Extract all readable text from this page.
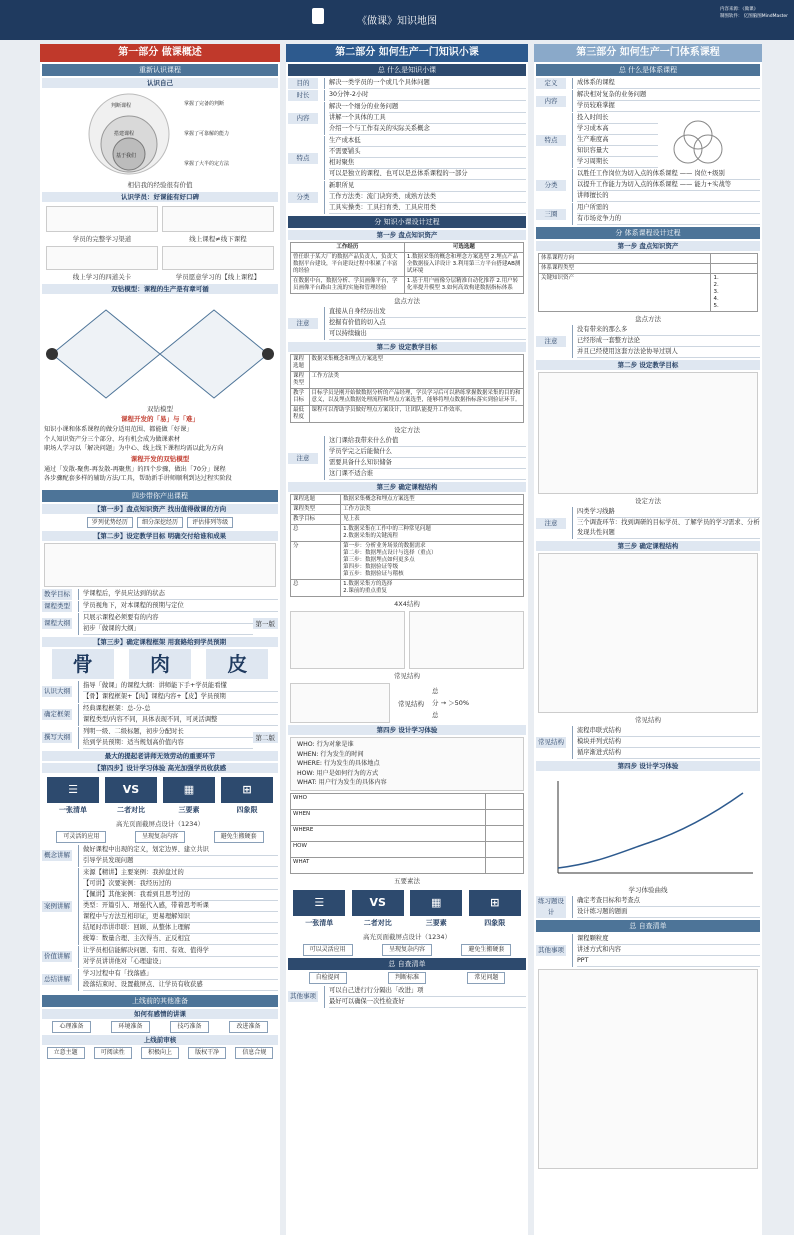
《做课》知识地图
内容来源：《做课》
制图软件： 亿图脑图MindMaster
第一部分 做课概述
重新认识课程
认识自己
判断课程
搭建课程
基于我们
掌握了完备的判断
掌握了可靠解的能力
掌握了大半的定方法
相信我的经验很有价值
认识学员：好课能有好口碑
学员的完整学习渠道	线上课程≠线下课程
线上学习的四道关卡	学员愿意学习的【线上课程】
双钻模型：课程的生产是有章可循
双钻模型
课程开发的「易」与「难」
知识小课和体系课程的做分适用范围、都能做「好课」
个人知识资产分三个部分、均有机会成为做课素材
职场人学习以「解决问题」为中心、线上线下课程均需以此为方向
课程开发的双钻模型
通过「发散-聚焦-再发散-再聚焦」的四个步骤，做出「70分」课程
各步骤配套多样的辅助方法/工具，帮助新手讲师顺利到达过程实阶段
四步带你产出课程
【第一步】盘点知识资产 找出值得做课的方向
罗列优势经历 细分深挖经历 评估排列等级
【第二步】设定教学目标 明确交付给谁和成果
教学目标	学课程后，学员应达到的状态
课程类型	学员视角下，对本课程的预期与定位
课程大纲
只展示课程必须要有的内容
初步「做课的大纲」	第一版
【第三步】确定课程框架 用套路给到学员预期
骨	肉	皮
认识大纲
指导「做课」的课程大纲：讲师能下手+学员能看懂
【骨】课程框架+【肉】课程内容+【皮】学员预期
确定框架
经典课程框架：总-分-总
课程类型/内容不同，具体表现不同，可灵活调整
撰写大纲
列明一级、二级标题，初步分配时长
给到学员预期：适当规划高价值内容	第二版
最大的提起老讲师无效劳动的重要环节
【第四步】设计学习体验 高光加强学员收获感
☰
一张清单
VS
二者对比
▦
三要素
⊞
四象限
高光页面截屏点设计（1234）
可灵活的应用	呈现复杂内容	避免生搬硬套
概念讲解
做好课程中出现的定义，划定边界、建立共识
引导学员发现问题
案例讲解
来源【精讲】主要案例：我掉盘过的
【可讲】次要案例：我经历过的
【佩讲】其他案例：我看到且思考过的
类型：开篇引入、增强代入感，带着思考听课
课程中与方法互相印证，更易理解知识
结尾时串讲串联：回顾、从整体上理解
统筹：数量合理、主次得当、正反相宜
价值讲解
让学员相信能解决问题、有用、有效、值得学
对学员讲讲他对「心理建设」
总结讲解
学习过程中有「找落感」
段落结束时、设置截屏点、让学员有收获感
上线前的其他准备
如何有感情的讲课
心理准备	环境准备	技巧准备	改进准备
上线前审核
立意主题	可阅读性	积极向上	版权干净	信息合规
第二部分 如何生产一门知识小课
总 什么是知识小课
目的	解决一类学员的一个或几个具体问题
时长	30分钟-2小时
内容
解决一个细分的业务问题
讲解一个具体的工具
介绍一个与工作有关的实际关系概念
特点
生产成本低
不需要铺头
相对聚焦
可以是独立的课程、也可以是总体系课程的一部分
分类
新职所见
工作方法类：流门诀窍类、成熟方法类
工具实操类：工具扫育类、工具应用类
分 知识小课设计过程
第一步 盘点知识资产
工作经历	可选选题
曾任职于某大厂的数据产品负责人，负责大数据平台建设，平台建设过程中积累了丰富的经验	1.数据采集的概念和理念方案选型 2.埋点产品全数据接入详设计 3.利用第三方平台搭建AB测试环境
在数据中台，数据分析、学员画像平台，学员画像平台路由主流的实施和管理经验	1.基于用户画像分层精准自动化推荐 2.用户转化率提升模型 3.如何高效构建数据指标体系
盘点方法
注意
直接从自身经历出发
挖掘有价值的切入点
可以持续输出
第二步 设定教学目标
课程选题	数据采集概念和埋点方案选型
课程类型	工作方法类
教学目标	目标学员是刚开始做数据分析的产品经理，学员学习后可以熟练掌握数据采集的目的和意义，以及埋点数据处理流程和埋点方案选型，能够将埋点数据指标落实到验证环节。
最低程度	课程可以帮助学员做好埋点方案设计，让团队能提升工作效率。
设定方法
注意
这门课给我带来什么价值
学员学完之后能做什么
需要具备什么知识储备
这门课不适合谁
第三步 确定课程结构
课程选题	数据采集概念和埋点方案选型
课程类型	工作方法类
教学目标	见上表
总	1.数据采集在工作中的三种常见问题
2.数据采集的关键流程

分	第一步：分析业务场景的数据需求
第二步：数据埋点设计与选择（重点）
第三步：数据埋点如何更多点
第四步：数据验证等级
第五步：数据验证与稽核

总	1.数据采集方的选择
2.课前的重点重复
4X4结构
常见结构
常见结构
总
分 → ＞50%
总
第四步 设计学习体验
WHO: 行为对象是谁
WHEN: 行为发生的时间
WHERE: 行为发生的具体地点
HOW: 用户是如何行为的方式
WHAT: 用户行为发生的具体内容
WHO	
WHEN	
WHERE	
HOW	
WHAT	
五要素法
☰
一张清单
VS
二者对比
▦
三要素
⊞
四象限
高光页面截屏点设计（1234）
可以灵活应用	呈现复杂内容	避免生搬硬套
总 自查清单
自检提问	判断标准	常见问题
其他事项
可以自己进行行分隔出「改进」项
最好可以确保一次性检查好
第三部分 如何生产一门体系课程
总 什么是体系课程
定义	成体系的课程
内容
解决相对复杂的业务问题
学员较难掌握
特点
投入时间长
学习成本高
生产难度高
知识容量大
学习周期长
分类
以胜任工作岗位为切入点的体系课程 —— 岗位+级别
以提升工作能力为切入点的体系课程 —— 能力+实战等
讲师擅长的
三圈
用户所需的
有市场竞争力的
分 体系课程设计过程
第一步 盘点知识资产
体系课程方向	
体系课程类型	
关键知识资产	1.
2.
3.
4.
5.
盘点方法
注意
没有带来的那么多
已经形成一套整方法论
并且已经使用这套方法论协导过别人
第二步 设定教学目标
设定方法
注意
四类学习线路
三个调查环节：找到调研的目标学员、了解学员的学习需求、分析发现共性问题
第三步 确定课程结构
常见结构
常见结构
流程串联式结构
模块并列式结构
循序渐进式结构
第四步 设计学习体验
学习体验曲线
练习题设计
确定考查目标和考查点
设计练习题的题面
总 自查清单
其他事项
课程颗粒度
讲述方式和内容
PPT
